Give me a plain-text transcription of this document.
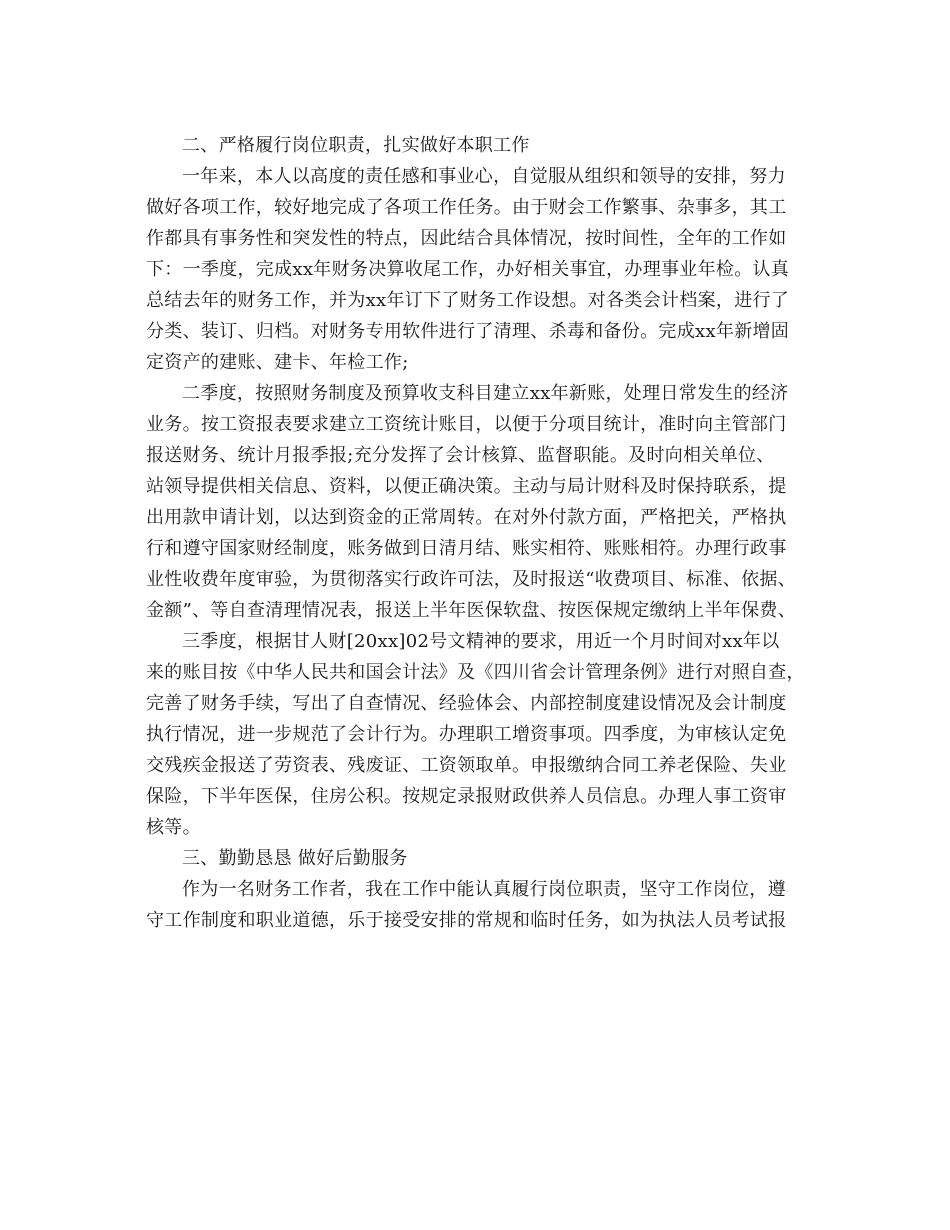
二、严格履行岗位职责，扎实做好本职工作
一年来，本人以高度的责任感和事业心，自觉服从组织和领导的安排，努力
做好各项工作，较好地完成了各项工作任务。由于财会工作繁事、杂事多，其工
作都具有事务性和突发性的特点，因此结合具体情况，按时间性，全年的工作如
下：一季度，完成xx年财务决算收尾工作，办好相关事宜，办理事业年检。认真
总结去年的财务工作，并为xx年订下了财务工作设想。对各类会计档案，进行了
分类、装订、归档。对财务专用软件进行了清理、杀毒和备份。完成xx年新增固
定资产的建账、建卡、年检工作;
二季度，按照财务制度及预算收支科目建立xx年新账，处理日常发生的经济
业务。按工资报表要求建立工资统计账目，以便于分项目统计，准时向主管部门
报送财务、统计月报季报;充分发挥了会计核算、监督职能。及时向相关单位、
站领导提供相关信息、资料，以便正确决策。主动与局计财科及时保持联系，提
出用款申请计划，以达到资金的正常周转。在对外付款方面，严格把关，严格执
行和遵守国家财经制度，账务做到日清月结、账实相符、账账相符。办理行政事
业性收费年度审验，为贯彻落实行政许可法，及时报送“收费项目、标准、依据、
金额”、等自查清理情况表，报送上半年医保软盘、按医保规定缴纳上半年保费、
三季度，根据甘人财[20xx]02号文精神的要求，用近一个月时间对xx年以
来的账目按《中华人民共和国会计法》及《四川省会计管理条例》进行对照自查，
完善了财务手续，写出了自查情况、经验体会、内部控制度建设情况及会计制度
执行情况，进一步规范了会计行为。办理职工增资事项。四季度，为审核认定免
交残疾金报送了劳资表、残废证、工资领取单。申报缴纳合同工养老保险、失业
保险，下半年医保，住房公积。按规定录报财政供养人员信息。办理人事工资审
核等。
三、勤勤恳恳 做好后勤服务
作为一名财务工作者，我在工作中能认真履行岗位职责，坚守工作岗位，遵
守工作制度和职业道德，乐于接受安排的常规和临时任务，如为执法人员考试报
